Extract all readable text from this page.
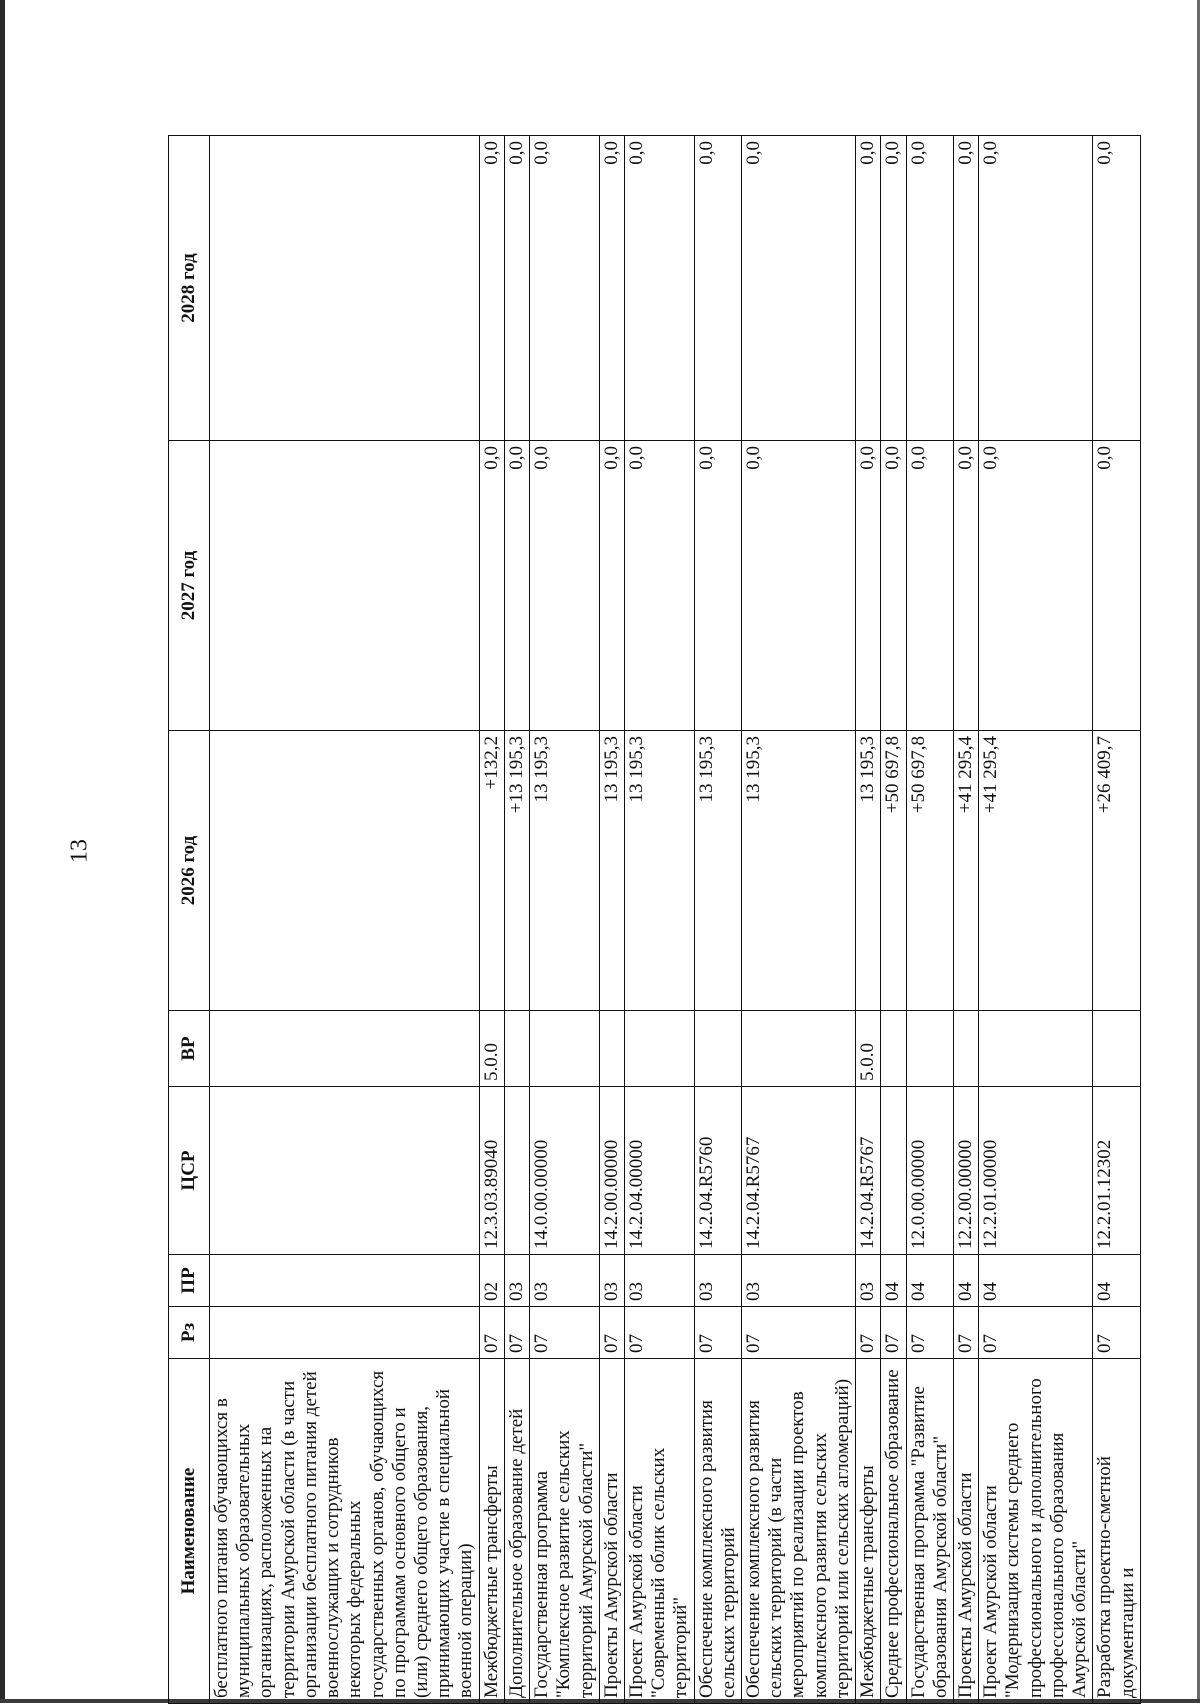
13
Наименование	Рз	ПР	ЦСР	ВР	2026 год	2027 год	2028 год
бесплатного питания обучающихся в муниципальных образовательных организациях, расположенных на территории Амурской области (в части организации бесплатного питания детей военнослужащих и сотрудников некоторых федеральных государственных органов, обучающихся по программам основного общего и (или) среднего общего образования, принимающих участие в специальной военной операции)							
Межбюджетные трансферты	07	02	12.3.03.89040	5.0.0	+132,2	0,0	0,0
Дополнительное образование детей	07	03			+13 195,3	0,0	0,0
Государственная программа "Комплексное развитие сельских территорий Амурской области"	07	03	14.0.00.00000		13 195,3	0,0	0,0
Проекты Амурской области	07	03	14.2.00.00000		13 195,3	0,0	0,0
Проект Амурской области "Современный облик сельских территорий"	07	03	14.2.04.00000		13 195,3	0,0	0,0
Обеспечение комплексного развития сельских территорий	07	03	14.2.04.R5760		13 195,3	0,0	0,0
Обеспечение комплексного развития сельских территорий (в части мероприятий по реализации проектов комплексного развития сельских территорий или сельских агломераций)	07	03	14.2.04.R5767		13 195,3	0,0	0,0
Межбюджетные трансферты	07	03	14.2.04.R5767	5.0.0	13 195,3	0,0	0,0
Среднее профессиональное образование	07	04			+50 697,8	0,0	0,0
Государственная программа "Развитие образования Амурской области"	07	04	12.0.00.00000		+50 697,8	0,0	0,0
Проекты Амурской области	07	04	12.2.00.00000		+41 295,4	0,0	0,0
Проект Амурской области "Модернизация системы среднего профессионального и дополнительного профессионального образования Амурской области"	07	04	12.2.01.00000		+41 295,4	0,0	0,0
Разработка проектно-сметной документации и	07	04	12.2.01.12302		+26 409,7	0,0	0,0
